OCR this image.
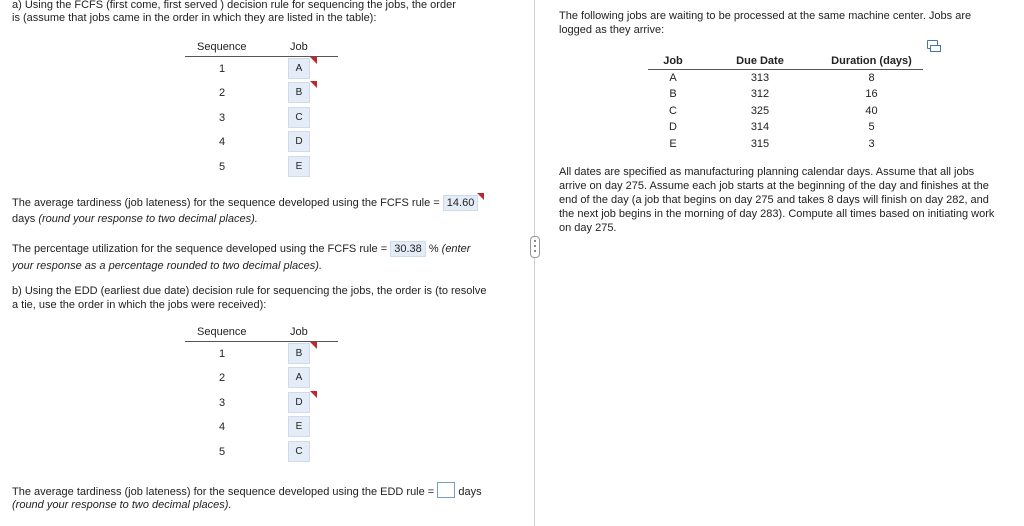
a) Using the FCFS (first come, first served ) decision rule for sequencing the jobs, the order
is (assume that jobs came in the order in which they are listed in the table):
Sequence	Job
1	A
2	B
3	C
4	D
5	E
The average tardiness (job lateness) for the sequence developed using the FCFS rule = 14.60
days (round your response to two decimal places).
The percentage utilization for the sequence developed using the FCFS rule = 30.38 % (enter
your response as a percentage rounded to two decimal places).
b) Using the EDD (earliest due date) decision rule for sequencing the jobs, the order is (to resolve
a tie, use the order in which the jobs were received):
Sequence	Job
1	B
2	A
3	D
4	E
5	C
The average tardiness (job lateness) for the sequence developed using the EDD rule = days
(round your response to two decimal places).
The following jobs are waiting to be processed at the same machine center. Jobs are
logged as they arrive:
Job	Due Date	Duration (days)
A	313	8
B	312	16
C	325	40
D	314	5
E	315	3
All dates are specified as manufacturing planning calendar days. Assume that all jobs
arrive on day 275. Assume each job starts at the beginning of the day and finishes at the
end of the day (a job that begins on day 275 and takes 8 days will finish on day 282, and
the next job begins in the morning of day 283). Compute all times based on initiating work
on day 275.
